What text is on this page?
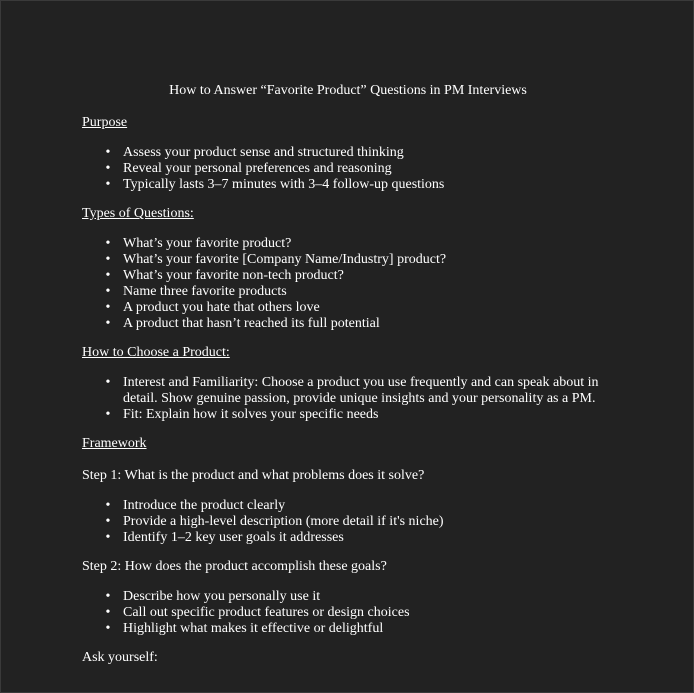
How to Answer “Favorite Product” Questions in PM Interviews
Purpose
• Assess your product sense and structured thinking
• Reveal your personal preferences and reasoning
• Typically lasts 3–7 minutes with 3–4 follow-up questions
Types of Questions:
• What’s your favorite product?
• What’s your favorite [Company Name/Industry] product?
• What’s your favorite non-tech product?
• Name three favorite products
• A product you hate that others love
• A product that hasn’t reached its full potential
How to Choose a Product:
• Interest and Familiarity: Choose a product you use frequently and can speak about in detail. Show genuine passion, provide unique insights and your personality as a PM.
• Fit: Explain how it solves your specific needs
Framework
Step 1: What is the product and what problems does it solve?
• Introduce the product clearly
• Provide a high-level description (more detail if it's niche)
• Identify 1–2 key user goals it addresses
Step 2: How does the product accomplish these goals?
• Describe how you personally use it
• Call out specific product features or design choices
• Highlight what makes it effective or delightful
Ask yourself:
